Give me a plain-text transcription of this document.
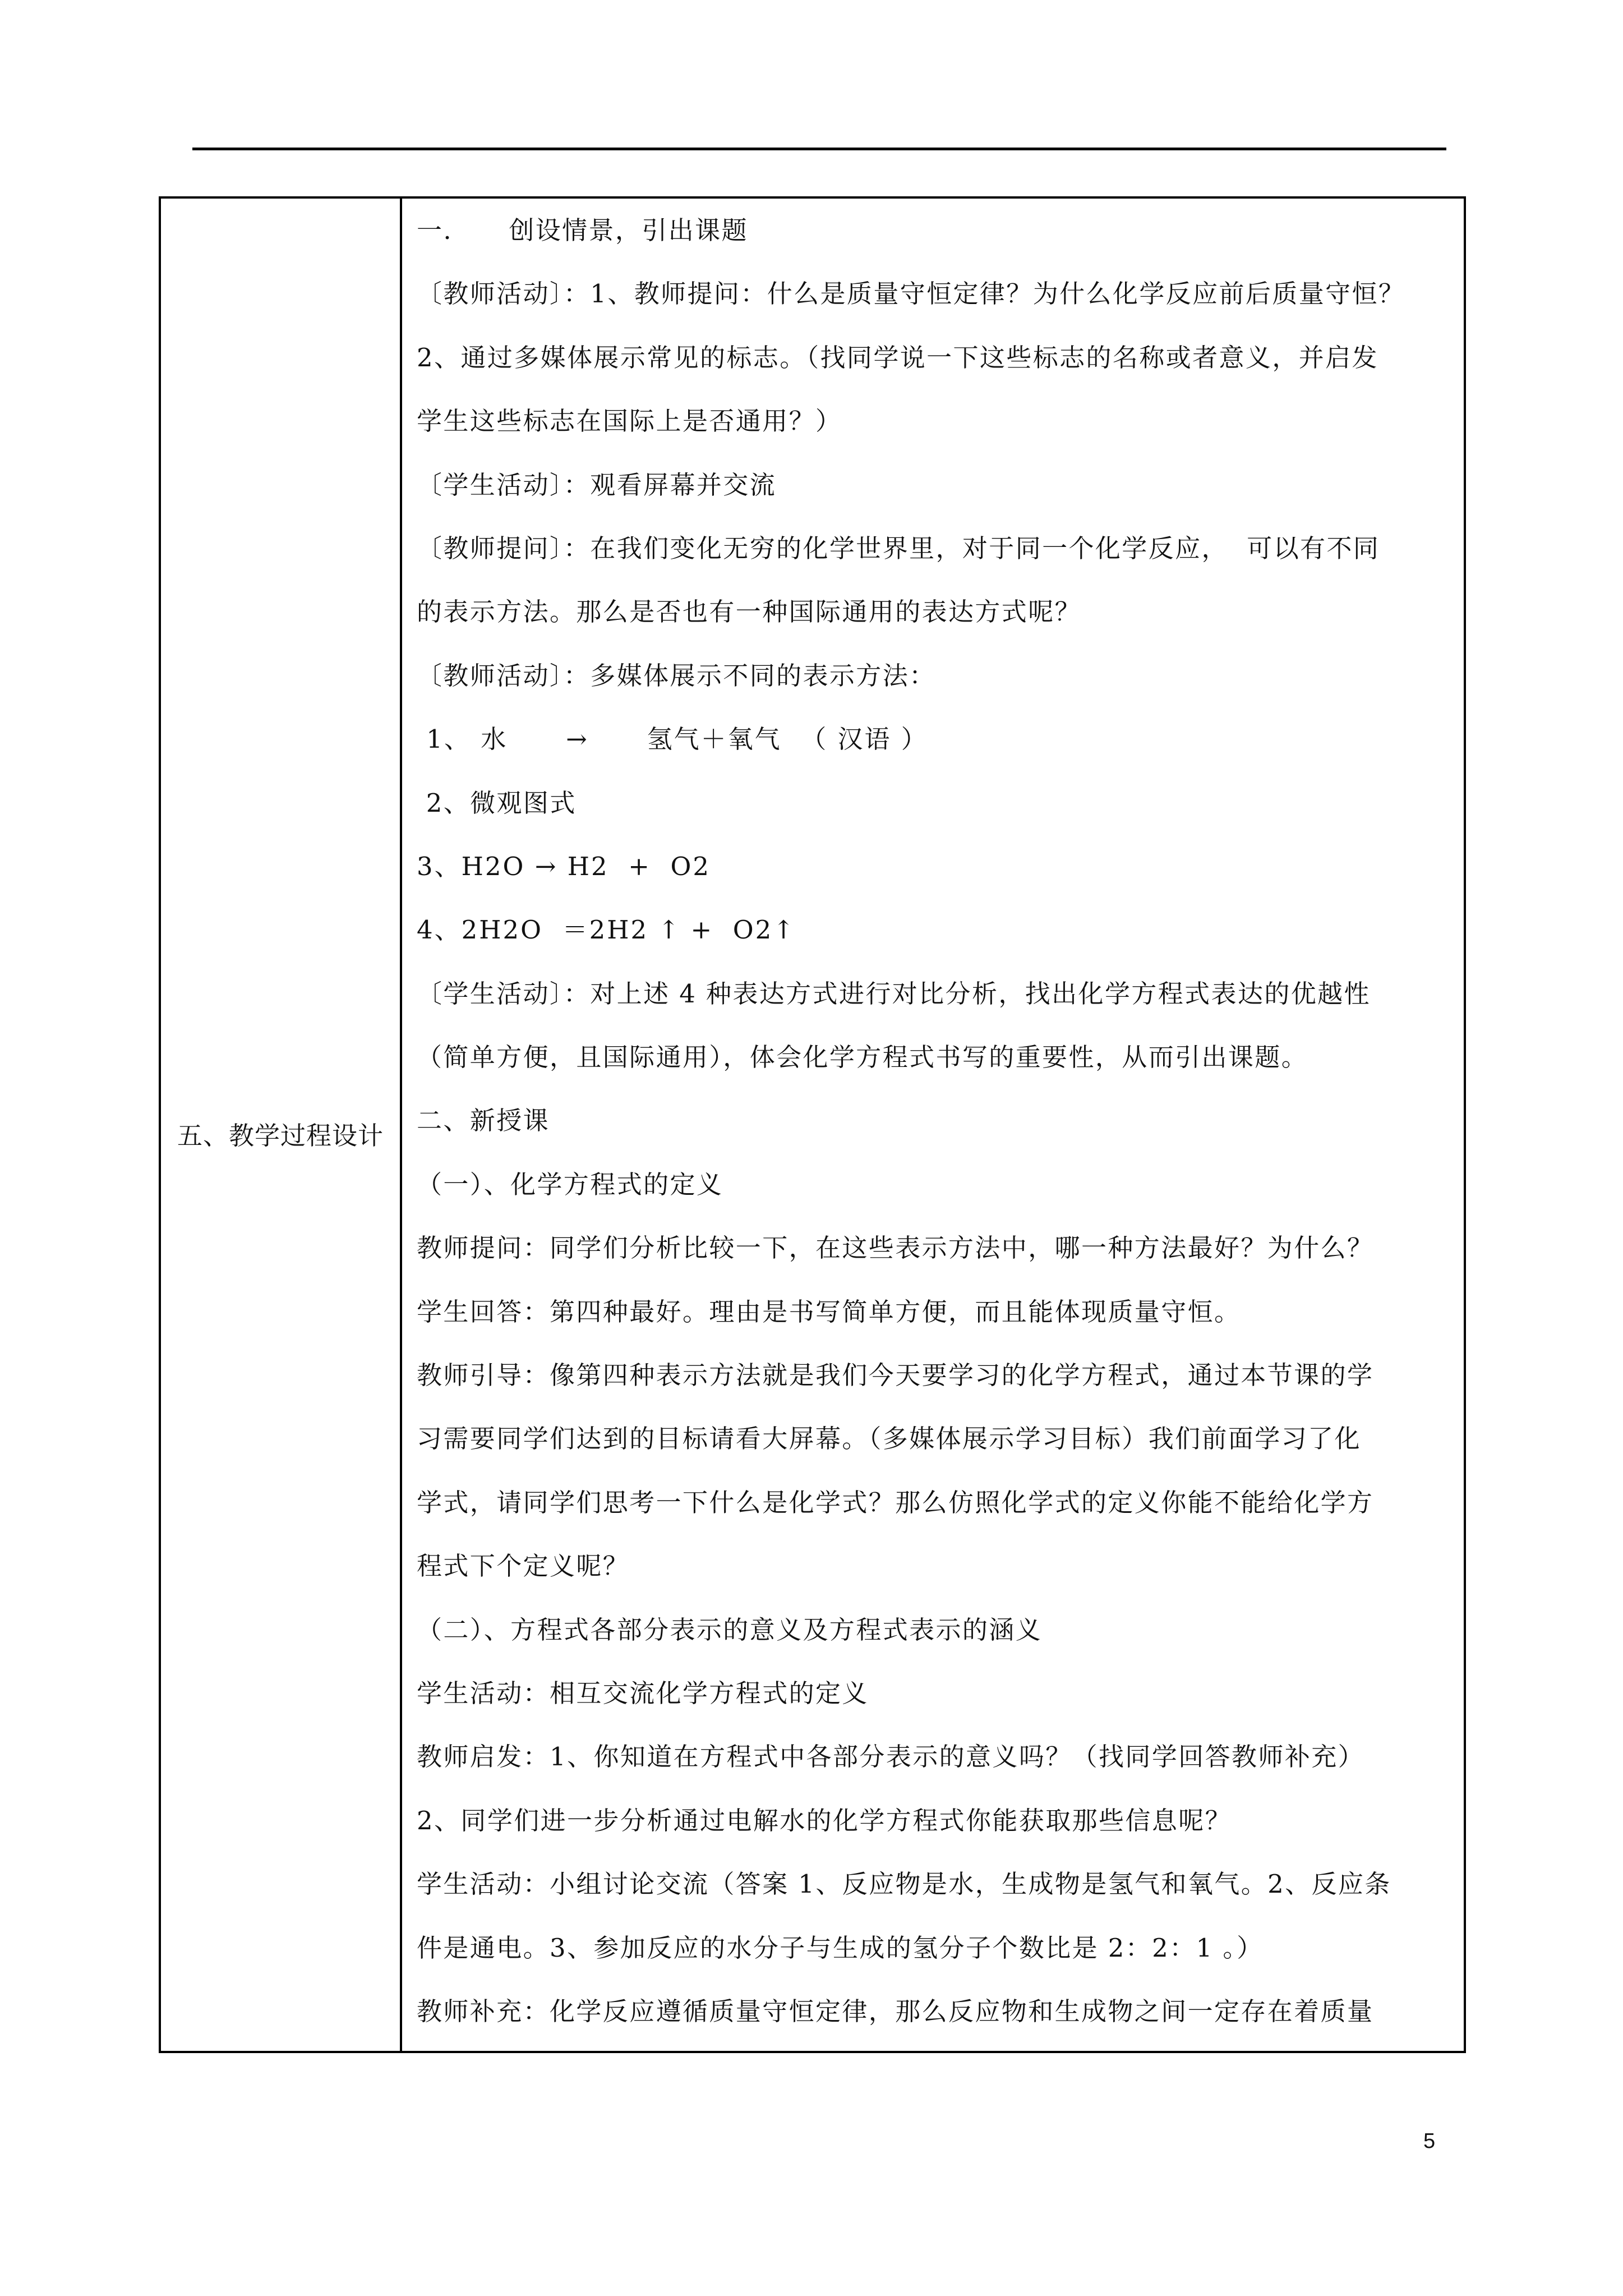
五、教学过程设计
一.      创设情景，引出课题
〔教师活动〕：1、教师提问：什么是质量守恒定律？为什么化学反应前后质量守恒？
2、通过多媒体展示常见的标志。（找同学说一下这些标志的名称或者意义，并启发
学生这些标志在国际上是否通用？）
〔学生活动〕：观看屏幕并交流
〔教师提问〕：在我们变化无穷的化学世界里，对于同一个化学反应，  可以有不同
的表示方法。那么是否也有一种国际通用的表达方式呢？
〔教师活动〕：多媒体展示不同的表示方法：
1、 水      →      氢气＋氧气  （ 汉语 ）
2、微观图式
3、H2O → H2  +  O2
4、2H2O  ＝2H2 ↑ +  O2↑
〔学生活动〕：对上述 4 种表达方式进行对比分析，找出化学方程式表达的优越性
（简单方便，且国际通用），体会化学方程式书写的重要性，从而引出课题。
二、新授课
（一）、化学方程式的定义
教师提问：同学们分析比较一下，在这些表示方法中，哪一种方法最好？为什么？
学生回答：第四种最好。理由是书写简单方便，而且能体现质量守恒。
教师引导：像第四种表示方法就是我们今天要学习的化学方程式，通过本节课的学
习需要同学们达到的目标请看大屏幕。（多媒体展示学习目标）我们前面学习了化
学式，请同学们思考一下什么是化学式？那么仿照化学式的定义你能不能给化学方
程式下个定义呢？
（二）、方程式各部分表示的意义及方程式表示的涵义
学生活动：相互交流化学方程式的定义
教师启发：1、你知道在方程式中各部分表示的意义吗？（找同学回答教师补充）
2、同学们进一步分析通过电解水的化学方程式你能获取那些信息呢？
学生活动：小组讨论交流（答案 1、反应物是水，生成物是氢气和氧气。2、反应条
件是通电。3、参加反应的水分子与生成的氢分子个数比是 2：2：1 。）
教师补充：化学反应遵循质量守恒定律，那么反应物和生成物之间一定存在着质量
5
